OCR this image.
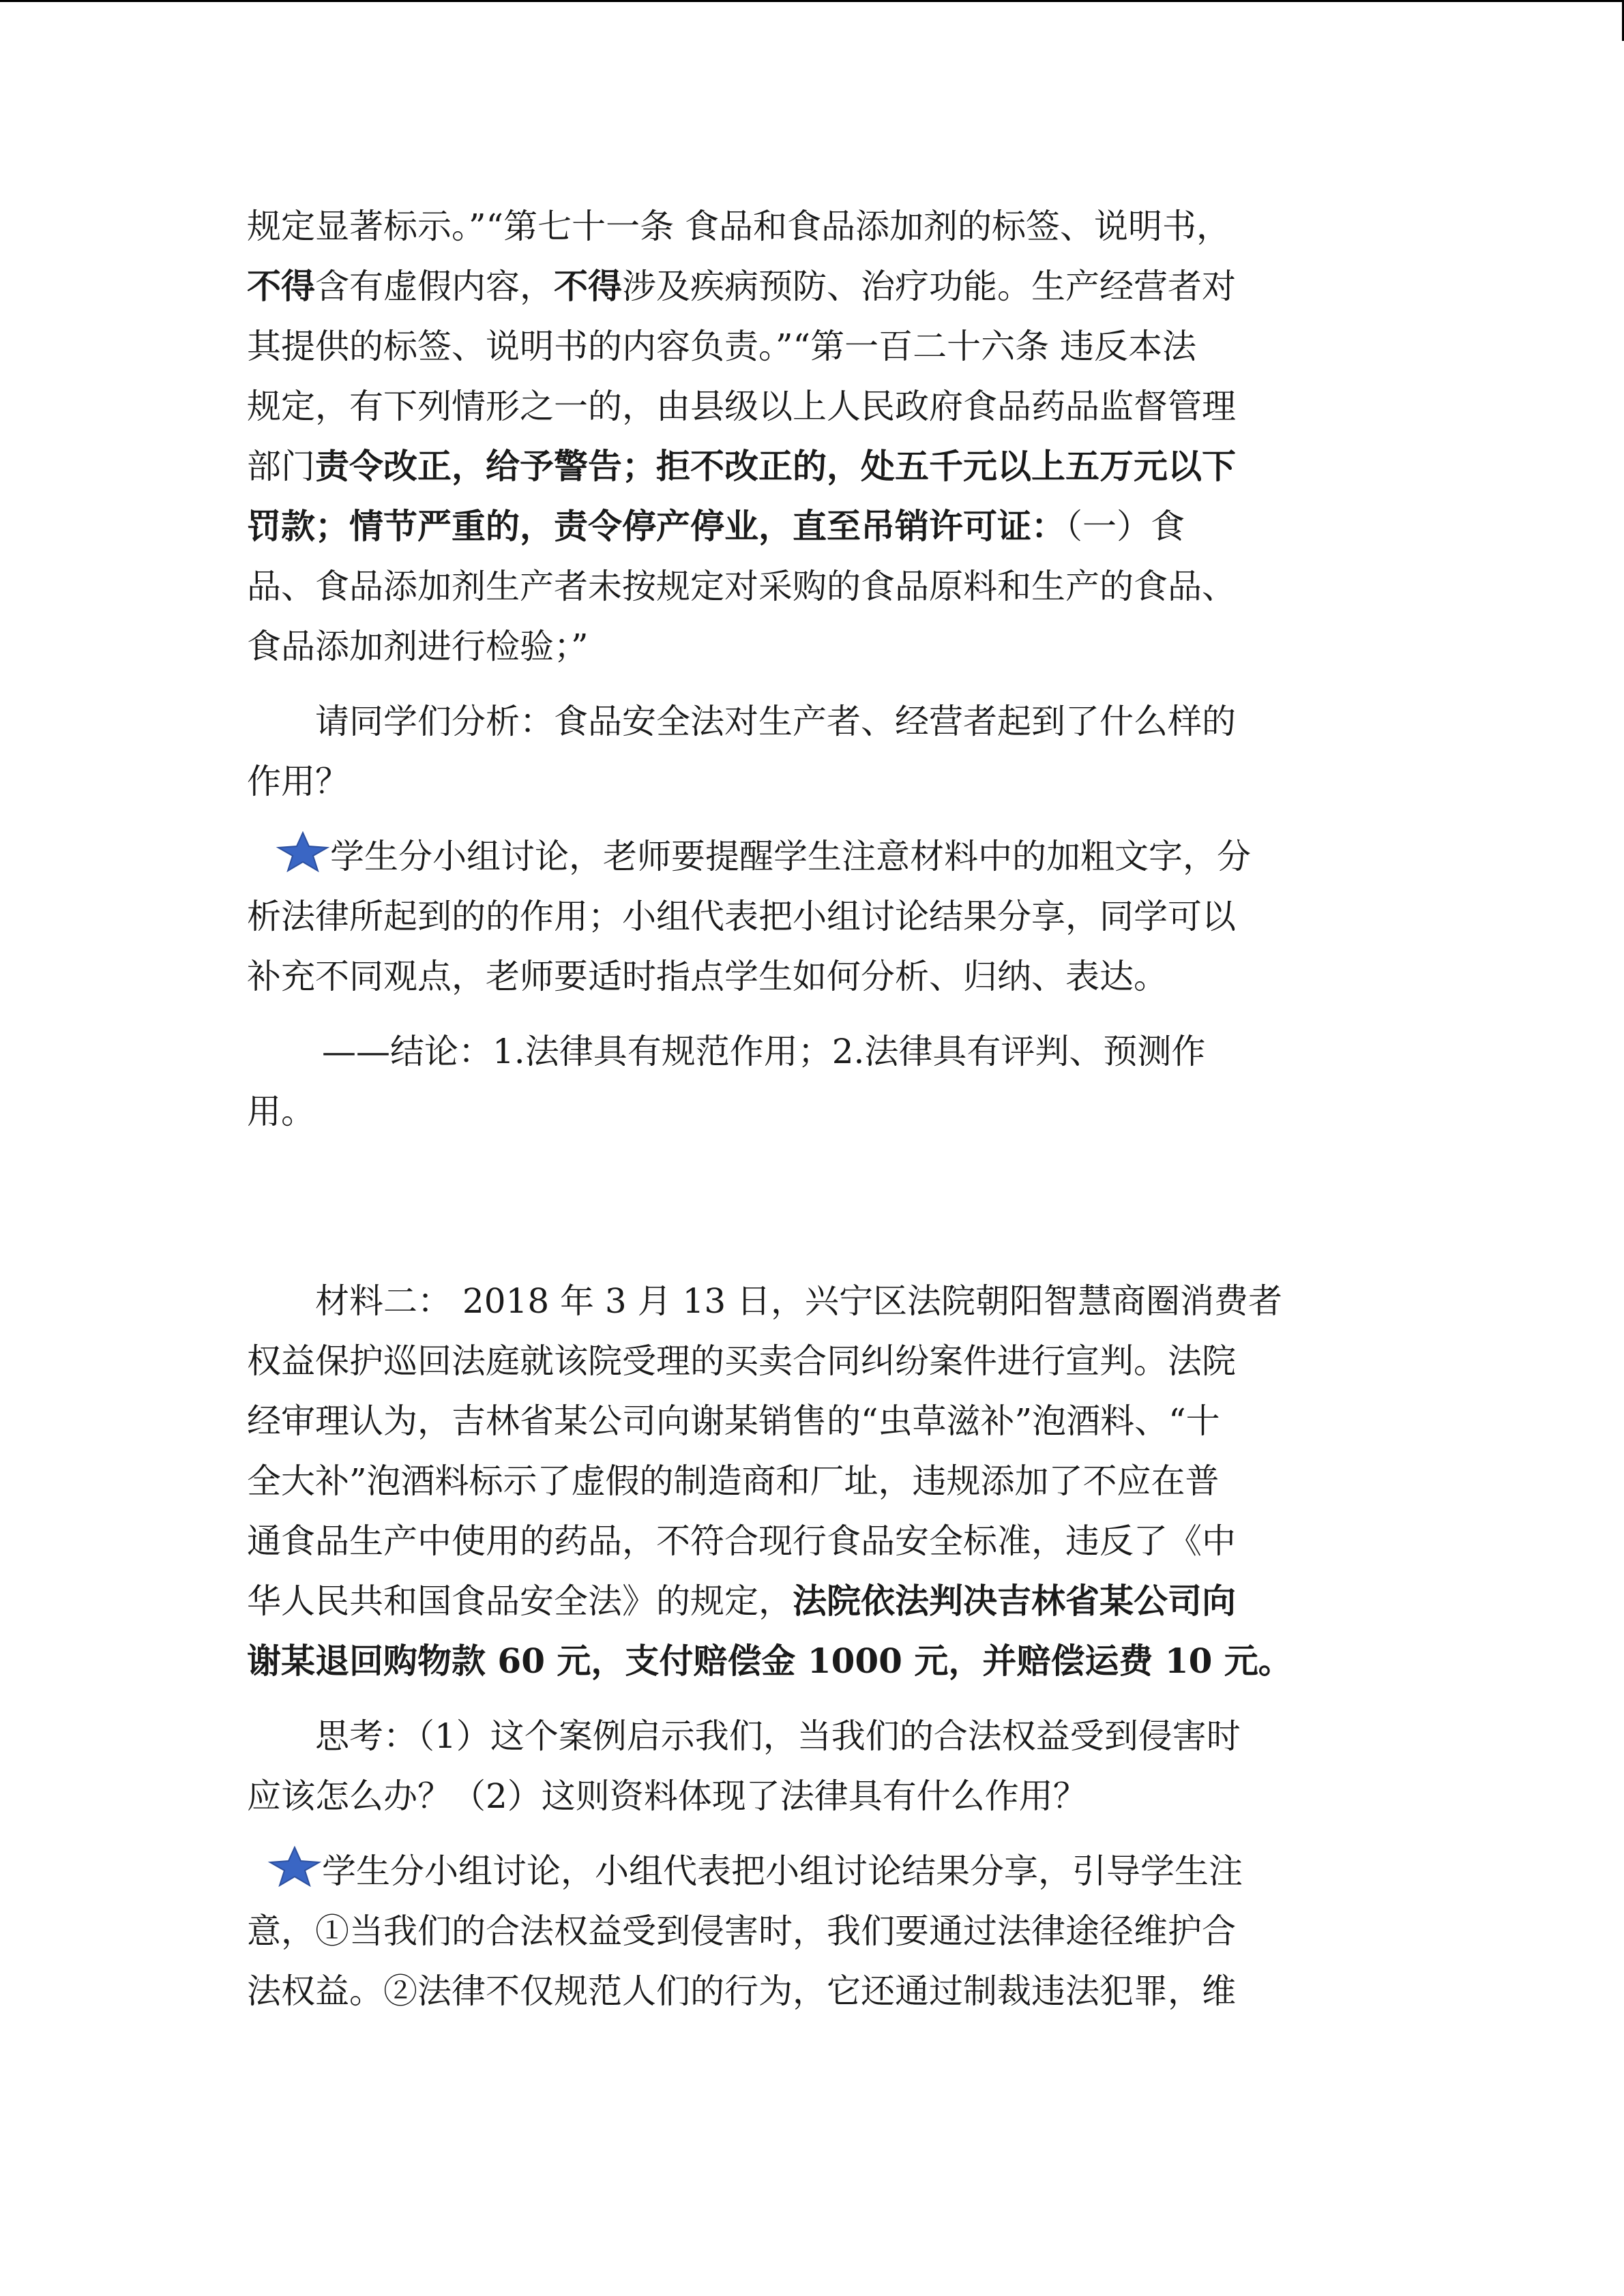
规定显著标示。”“第七十一条 食品和食品添加剂的标签、说明书，

不得含有虚假内容，不得涉及疾病预防、治疗功能。生产经营者对

其提供的标签、说明书的内容负责。”“第一百二十六条 违反本法

规定，有下列情形之一的，由县级以上人民政府食品药品监督管理

部门责令改正，给予警告；拒不改正的，处五千元以上五万元以下

罚款；情节严重的，责令停产停业，直至吊销许可证：（一）食

品、食品添加剂生产者未按规定对采购的食品原料和生产的食品、

食品添加剂进行检验；”

请同学们分析：食品安全法对生产者、经营者起到了什么样的

作用？

学生分小组讨论，老师要提醒学生注意材料中的加粗文字，分

析法律所起到的的作用；小组代表把小组讨论结果分享，同学可以

补充不同观点，老师要适时指点学生如何分析、归纳、表达。

——结论：1.法律具有规范作用；2.法律具有评判、预测作

用。

材料二： 2018 年 3 月 13 日，兴宁区法院朝阳智慧商圈消费者

权益保护巡回法庭就该院受理的买卖合同纠纷案件进行宣判。法院

经审理认为，吉林省某公司向谢某销售的“虫草滋补”泡酒料、“十

全大补”泡酒料标示了虚假的制造商和厂址，违规添加了不应在普

通食品生产中使用的药品，不符合现行食品安全标准，违反了《中

华人民共和国食品安全法》的规定，法院依法判决吉林省某公司向

谢某退回购物款 60 元，支付赔偿金 1000 元，并赔偿运费 10 元。

思考：（1）这个案例启示我们，当我们的合法权益受到侵害时

应该怎么办？（2）这则资料体现了法律具有什么作用？

学生分小组讨论，小组代表把小组讨论结果分享，引导学生注

意，①当我们的合法权益受到侵害时，我们要通过法律途径维护合

法权益。②法律不仅规范人们的行为，它还通过制裁违法犯罪，维
